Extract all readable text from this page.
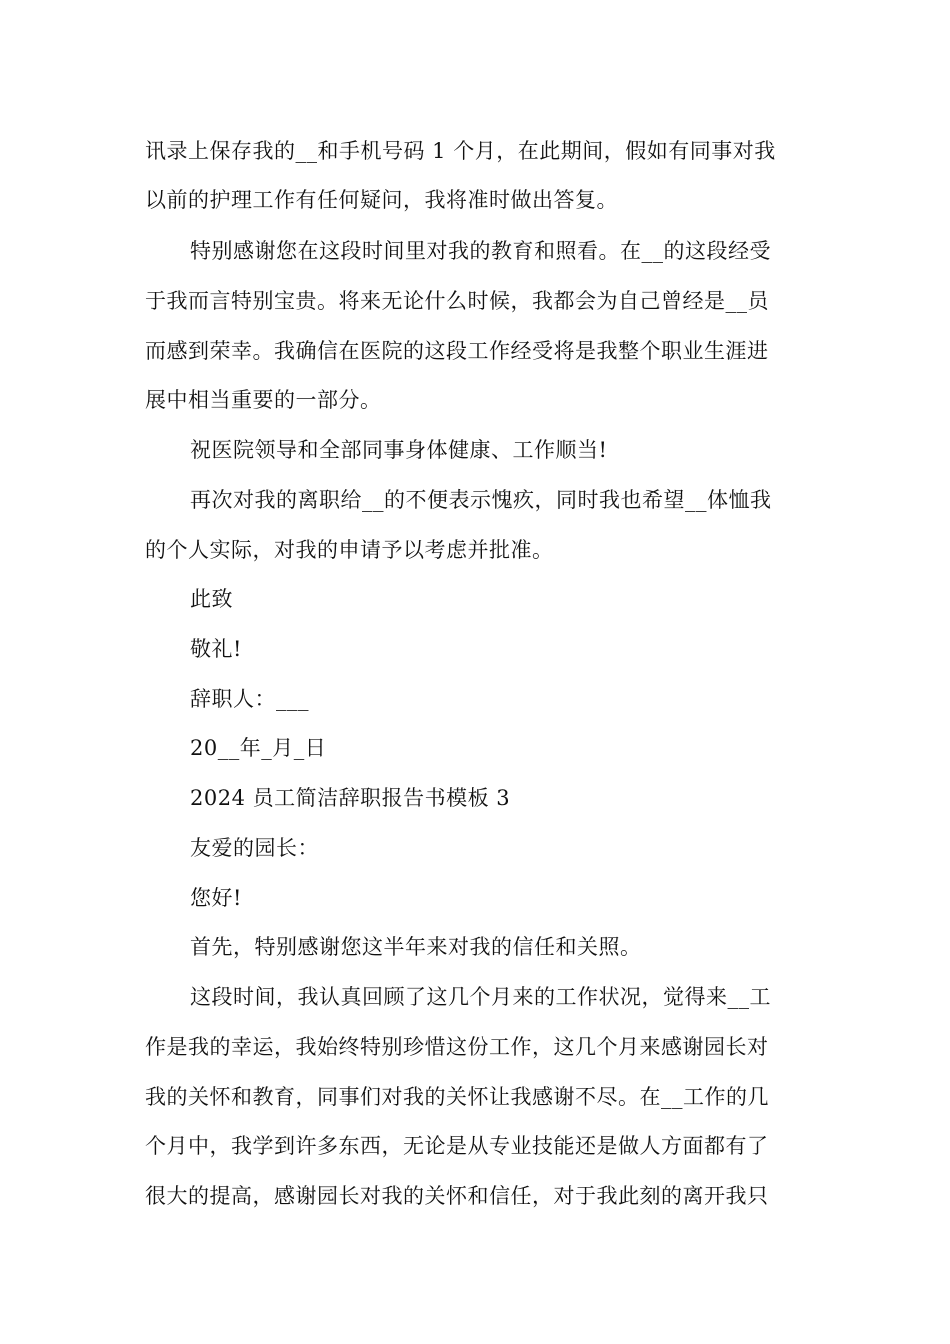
讯录上保存我的__和手机号码 1 个月，在此期间，假如有同事对我
以前的护理工作有任何疑问，我将准时做出答复。
特别感谢您在这段时间里对我的教育和照看。在__的这段经受
于我而言特别宝贵。将来无论什么时候，我都会为自己曾经是__员
而感到荣幸。我确信在医院的这段工作经受将是我整个职业生涯进
展中相当重要的一部分。
祝医院领导和全部同事身体健康、工作顺当!
再次对我的离职给__的不便表示愧疚，同时我也希望__体恤我
的个人实际，对我的申请予以考虑并批准。
此致
敬礼!
辞职人：___
20__年_月_日
2024 员工简洁辞职报告书模板 3
友爱的园长：
您好!
首先，特别感谢您这半年来对我的信任和关照。
这段时间，我认真回顾了这几个月来的工作状况，觉得来__工
作是我的幸运，我始终特别珍惜这份工作，这几个月来感谢园长对
我的关怀和教育，同事们对我的关怀让我感谢不尽。在__工作的几
个月中，我学到许多东西，无论是从专业技能还是做人方面都有了
很大的提高，感谢园长对我的关怀和信任，对于我此刻的离开我只
